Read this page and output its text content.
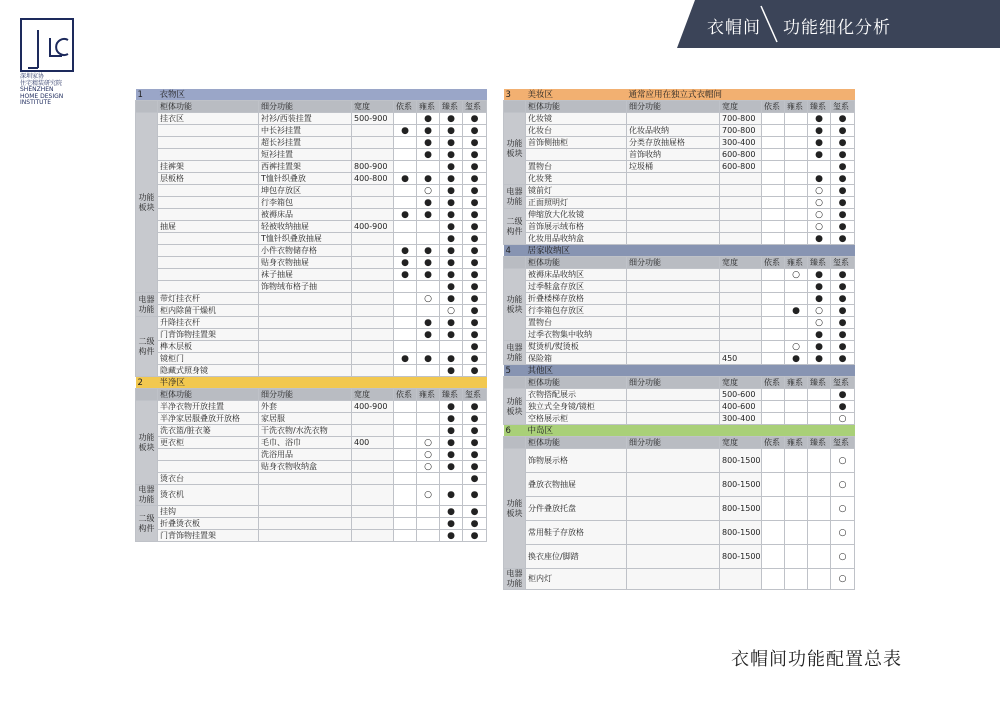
深圳家协
住宅精装研究院
SHENZHEN
HOME DESIGN
INSTITUTE
衣帽间 功能细化分析
1	衣物区						
	柜体功能	细分功能	宽度	依系	雍系	臻系	玺系
功能板块	挂衣区	衬衫/西装挂置	500-900		●	●	●
		中长衫挂置		●	●	●	●
		超长衫挂置			●	●	●
		短衫挂置			●	●	●
	挂裤架	西裤挂置架	800-900			●	●
	层板格	T恤针织叠放	400-800	●	●	●	●
		坤包存放区			○	●	●
		行李箱包			●	●	●
		被褥床品		●	●	●	●
	抽屉	轻被收纳抽屉	400-900			●	●
		T恤针织叠放抽屉				●	●
		小件衣物储存格		●	●	●	●
		贴身衣物抽屉		●	●	●	●
		袜子抽屉		●	●	●	●
		饰物绒布格子抽				●	●
电器功能	带灯挂衣杆				○	●	●
	柜内除菌干燥机					○	●
二级构件	升降挂衣杆				●	●	●
	门背饰物挂置架				●	●	●
	榫木层板						●
	镜柜门			●	●	●	●
	隐藏式照身镜					●	●
2	半净区						
	柜体功能	细分功能	宽度	依系	雍系	臻系	玺系
功能板块	半净衣物开放挂置	外套	400-900			●	●
	半净家居服叠放开放格	家居服				●	●
	洗衣篮/脏衣篓	干洗衣物/水洗衣物				●	●
	更衣柜	毛巾、浴巾	400		○	●	●
		洗浴用品			○	●	●
		贴身衣物收纳盒			○	●	●
	烫衣台						●
电器功能	烫衣机				○	●	●
二级构件	挂钩					●	●
	折叠烫衣板					●	●
	门背饰物挂置架					●	●
3	美妆区	通常应用在独立式衣帽间					
	柜体功能	细分功能	宽度	依系	雍系	臻系	玺系
功能板块	化妆镜		700-800			●	●
	化妆台	化妆品收纳	700-800			●	●
	首饰侧抽柜	分类存放抽屉格	300-400			●	●
		首饰收纳	600-800			●	●
	置物台	垃圾桶	600-800				●
	化妆凳					●	●
电器功能	镜前灯					○	●
	正面照明灯					○	●
二级构件	伸缩放大化妆镜					○	●
	首饰展示绒布格					○	●
	化妆用品收纳盒					●	●
4	居家收纳区						
	柜体功能	细分功能	宽度	依系	雍系	臻系	玺系
功能板块	被褥床品收纳区				○	●	●
	过季鞋盒存放区					●	●
	折叠楼梯存放格					●	●
	行李箱包存放区				●	○	●
	置物台					○	●
	过季衣物集中收纳					●	●
电器功能	熨烫机/熨烫板				○	●	●
	保险箱		450		●	●	●
5	其他区						
	柜体功能	细分功能	宽度	依系	雍系	臻系	玺系
功能板块	衣物搭配展示		500-600				●
	独立式全身镜/镜柜		400-600				●
	空格展示柜		300-400				○
6	中岛区						
	柜体功能	细分功能	宽度	依系	雍系	臻系	玺系
功能板块	饰物展示格		800-1500				○
	叠放衣物抽屉		800-1500				○
	分件叠放托盘		800-1500				○
	常用鞋子存放格		800-1500				○
	换衣座位/脚踏		800-1500				○
电器功能	柜内灯						○
衣帽间功能配置总表
